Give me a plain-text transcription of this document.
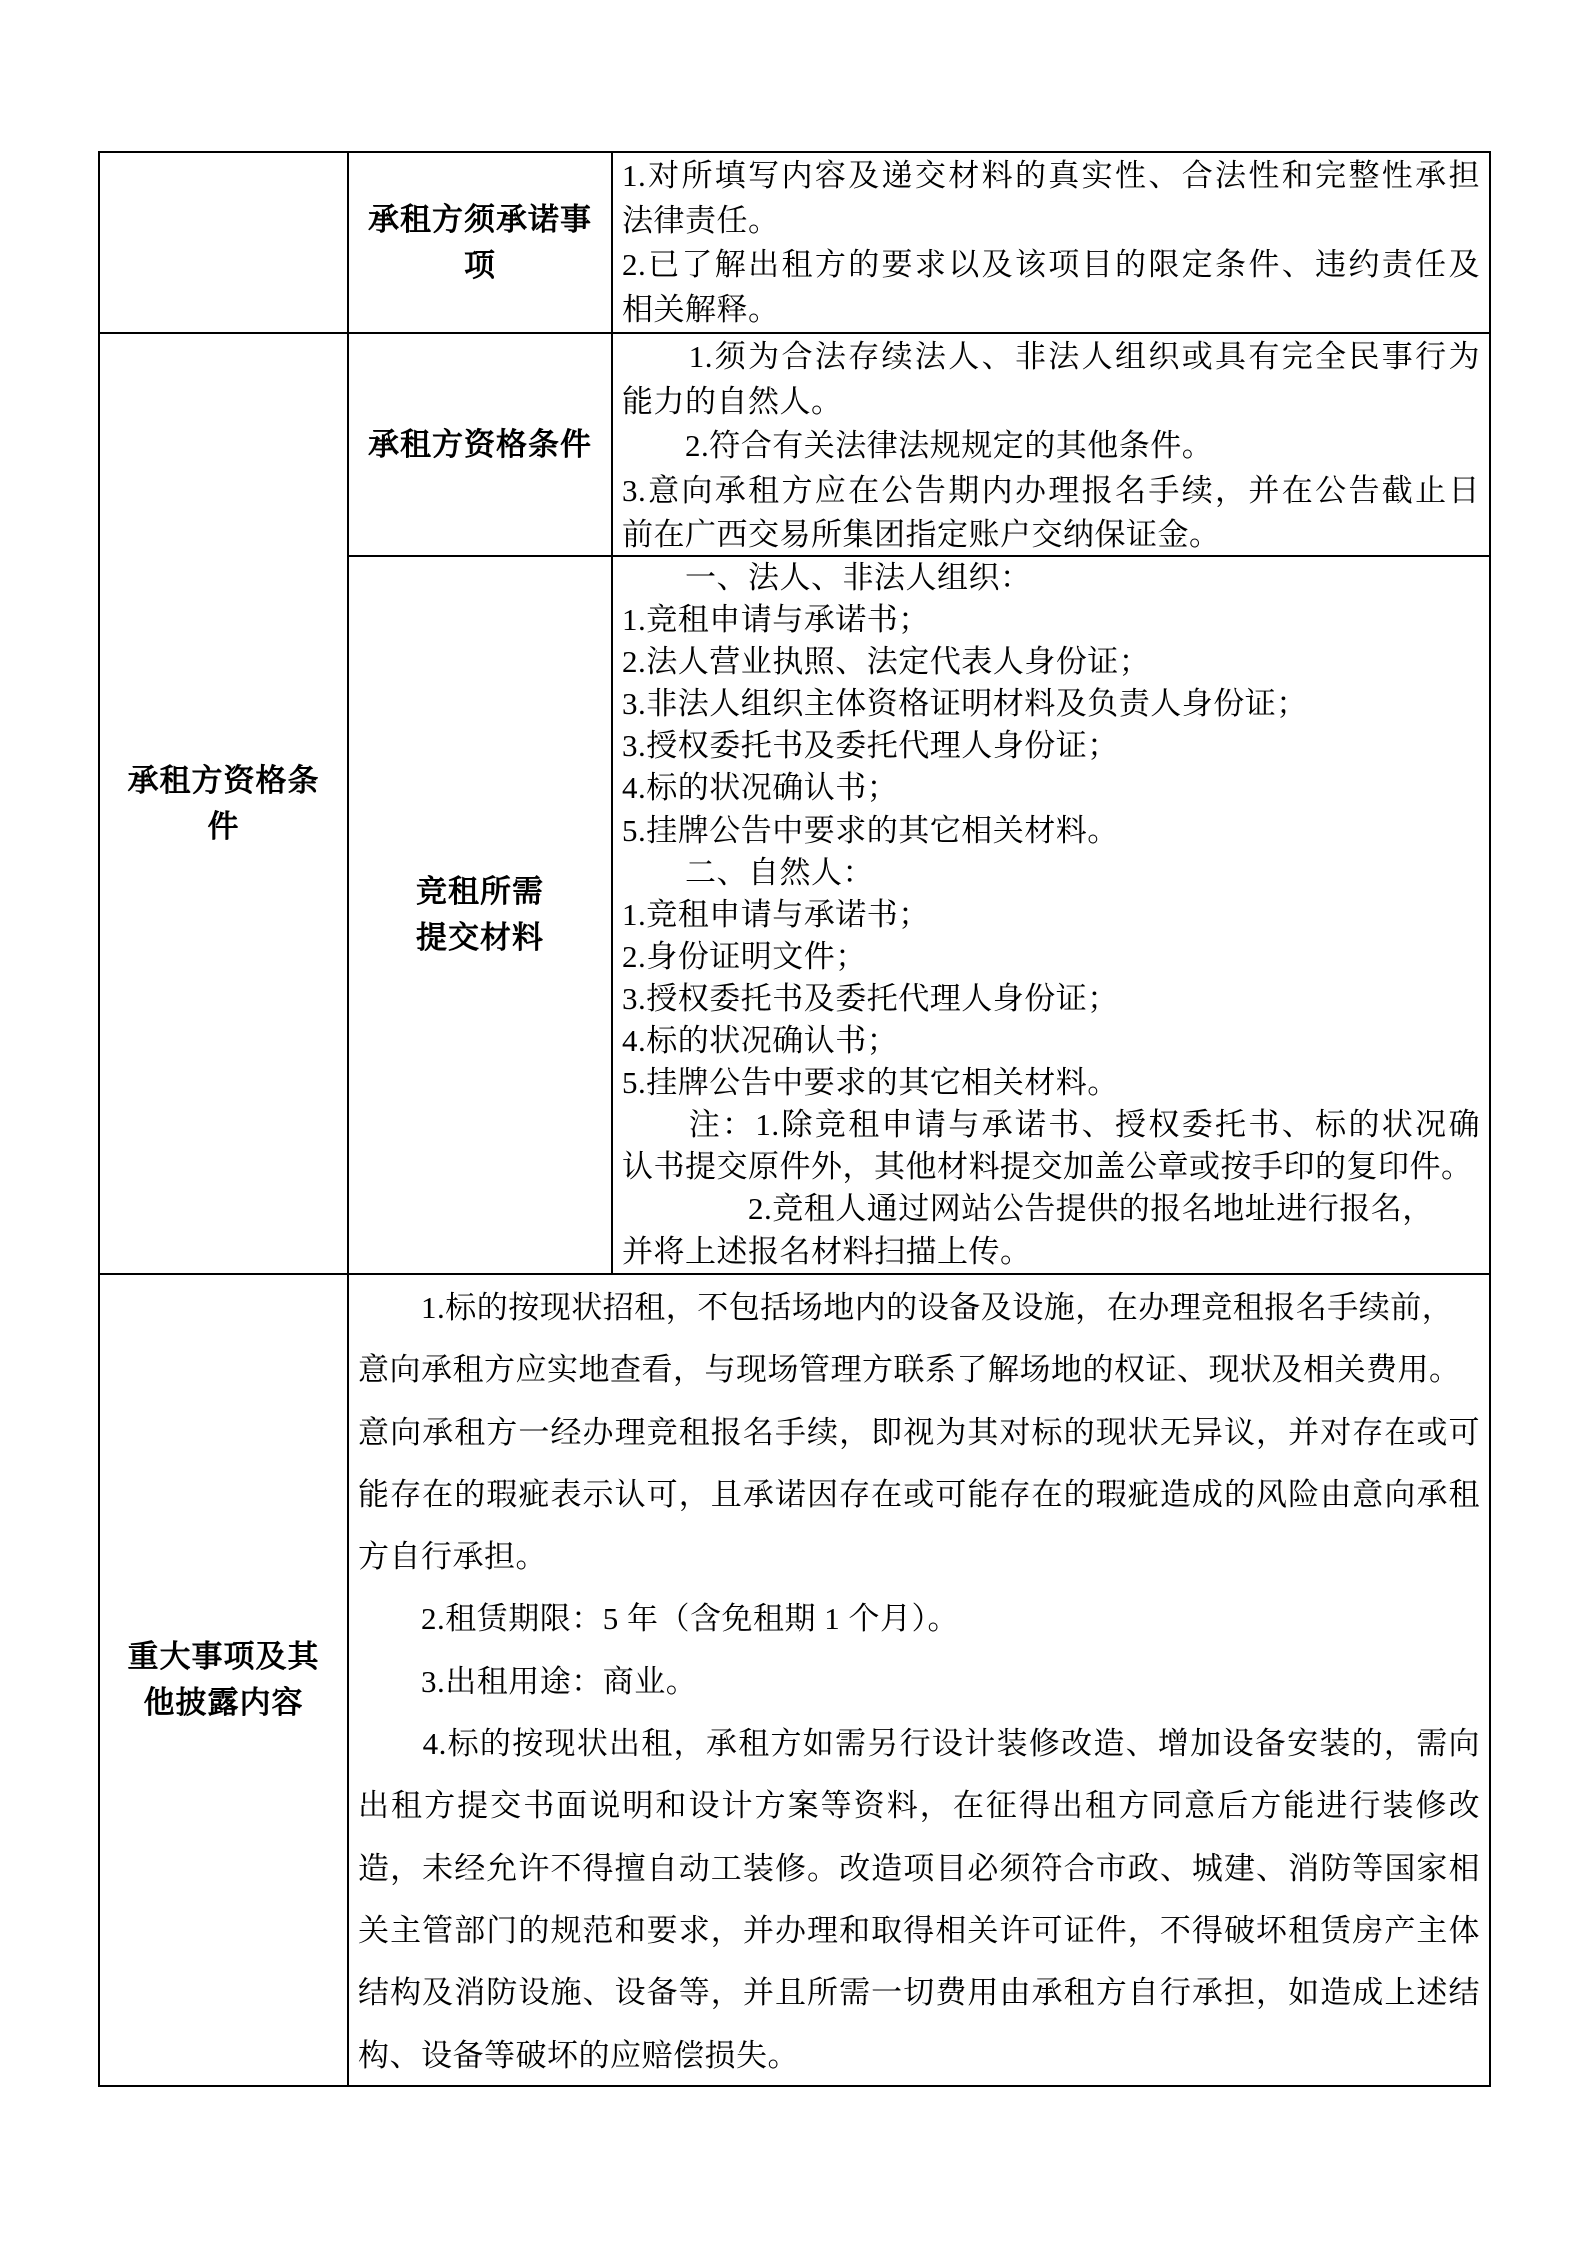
承租方须承诺事
项
1.对所填写内容及递交材料的真实性、合法性和完整性承担
法律责任。
2.已了解出租方的要求以及该项目的限定条件、违约责任及
相关解释。
承租方资格条
件
承租方资格条件
　　1.须为合法存续法人、非法人组织或具有完全民事行为
能力的自然人。
　　2.符合有关法律法规规定的其他条件。
3.意向承租方应在公告期内办理报名手续，并在公告截止日
前在广西交易所集团指定账户交纳保证金。
竞租所需
提交材料
　　一、法人、非法人组织：
1.竞租申请与承诺书；
2.法人营业执照、法定代表人身份证；
3.非法人组织主体资格证明材料及负责人身份证；
3.授权委托书及委托代理人身份证；
4.标的状况确认书；
5.挂牌公告中要求的其它相关材料。
　　二、自然人：
1.竞租申请与承诺书；
2.身份证明文件；
3.授权委托书及委托代理人身份证；
4.标的状况确认书；
5.挂牌公告中要求的其它相关材料。
　　注：1.除竞租申请与承诺书、授权委托书、标的状况确
认书提交原件外，其他材料提交加盖公章或按手印的复印件。
　　　　2.竞租人通过网站公告提供的报名地址进行报名，
并将上述报名材料扫描上传。
重大事项及其
他披露内容
　　1.标的按现状招租，不包括场地内的设备及设施，在办理竞租报名手续前，
意向承租方应实地查看，与现场管理方联系了解场地的权证、现状及相关费用。
意向承租方一经办理竞租报名手续，即视为其对标的现状无异议，并对存在或可
能存在的瑕疵表示认可，且承诺因存在或可能存在的瑕疵造成的风险由意向承租
方自行承担。
　　2.租赁期限：5 年（含免租期 1 个月）。
　　3.出租用途：商业。
　　4.标的按现状出租，承租方如需另行设计装修改造、增加设备安装的，需向
出租方提交书面说明和设计方案等资料，在征得出租方同意后方能进行装修改
造，未经允许不得擅自动工装修。改造项目必须符合市政、城建、消防等国家相
关主管部门的规范和要求，并办理和取得相关许可证件，不得破坏租赁房产主体
结构及消防设施、设备等，并且所需一切费用由承租方自行承担，如造成上述结
构、设备等破坏的应赔偿损失。
